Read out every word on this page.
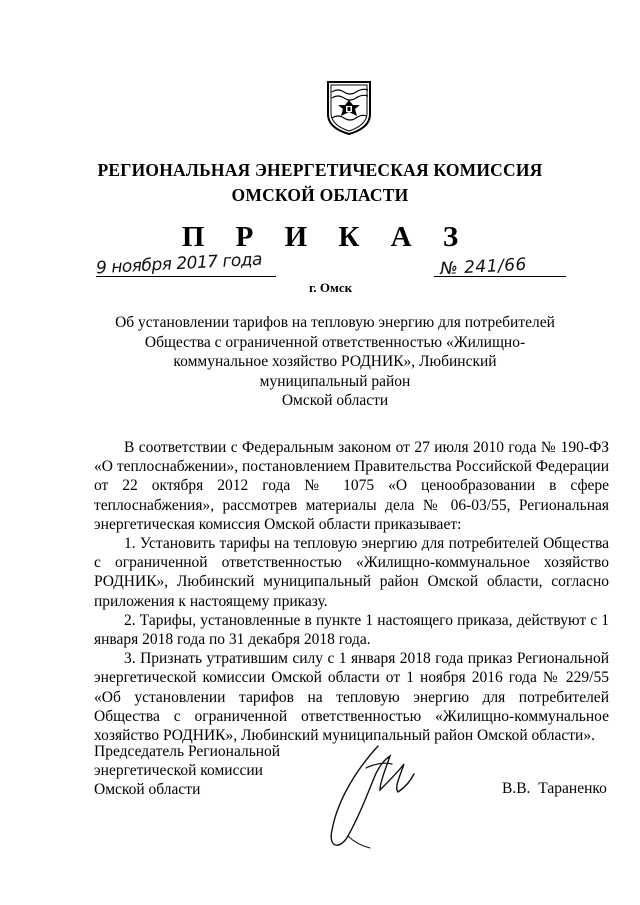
РЕГИОНАЛЬНАЯ ЭНЕРГЕТИЧЕСКАЯ КОМИССИЯ
ОМСКОЙ ОБЛАСТИ
П Р И К А З
9 ноября 2017 года	№ 241/66
г. Омск
Об установлении тарифов на тепловую энергию для потребителей
Общества с ограниченной ответственностью «Жилищно-
коммунальное хозяйство РОДНИК», Любинский
муниципальный район
Омской области

В соответствии с Федеральным законом от 27 июля 2010 года № 190-ФЗ «О теплоснабжении», постановлением Правительства Российской Федерации от 22 октября 2012 года № 1075 «О ценообразовании в сфере теплоснабжения», рассмотрев материалы дела № 06-03/55, Региональная энергетическая комиссия Омской области приказывает:

1. Установить тарифы на тепловую энергию для потребителей Общества с ограниченной ответственностью «Жилищно-коммунальное хозяйство РОДНИК», Любинский муниципальный район Омской области, согласно приложения к настоящему приказу.

2. Тарифы, установленные в пункте 1 настоящего приказа, действуют с 1 января 2018 года по 31 декабря 2018 года.

3. Признать утратившим силу с 1 января 2018 года приказ Региональной энергетической комиссии Омской области от 1 ноября 2016 года № 229/55 «Об установлении тарифов на тепловую энергию для потребителей Общества с ограниченной ответственностью «Жилищно-коммунальное хозяйство РОДНИК», Любинский муниципальный район Омской области».

Председатель Региональной
энергетической комиссии
Омской области	В.В. Тараненко
